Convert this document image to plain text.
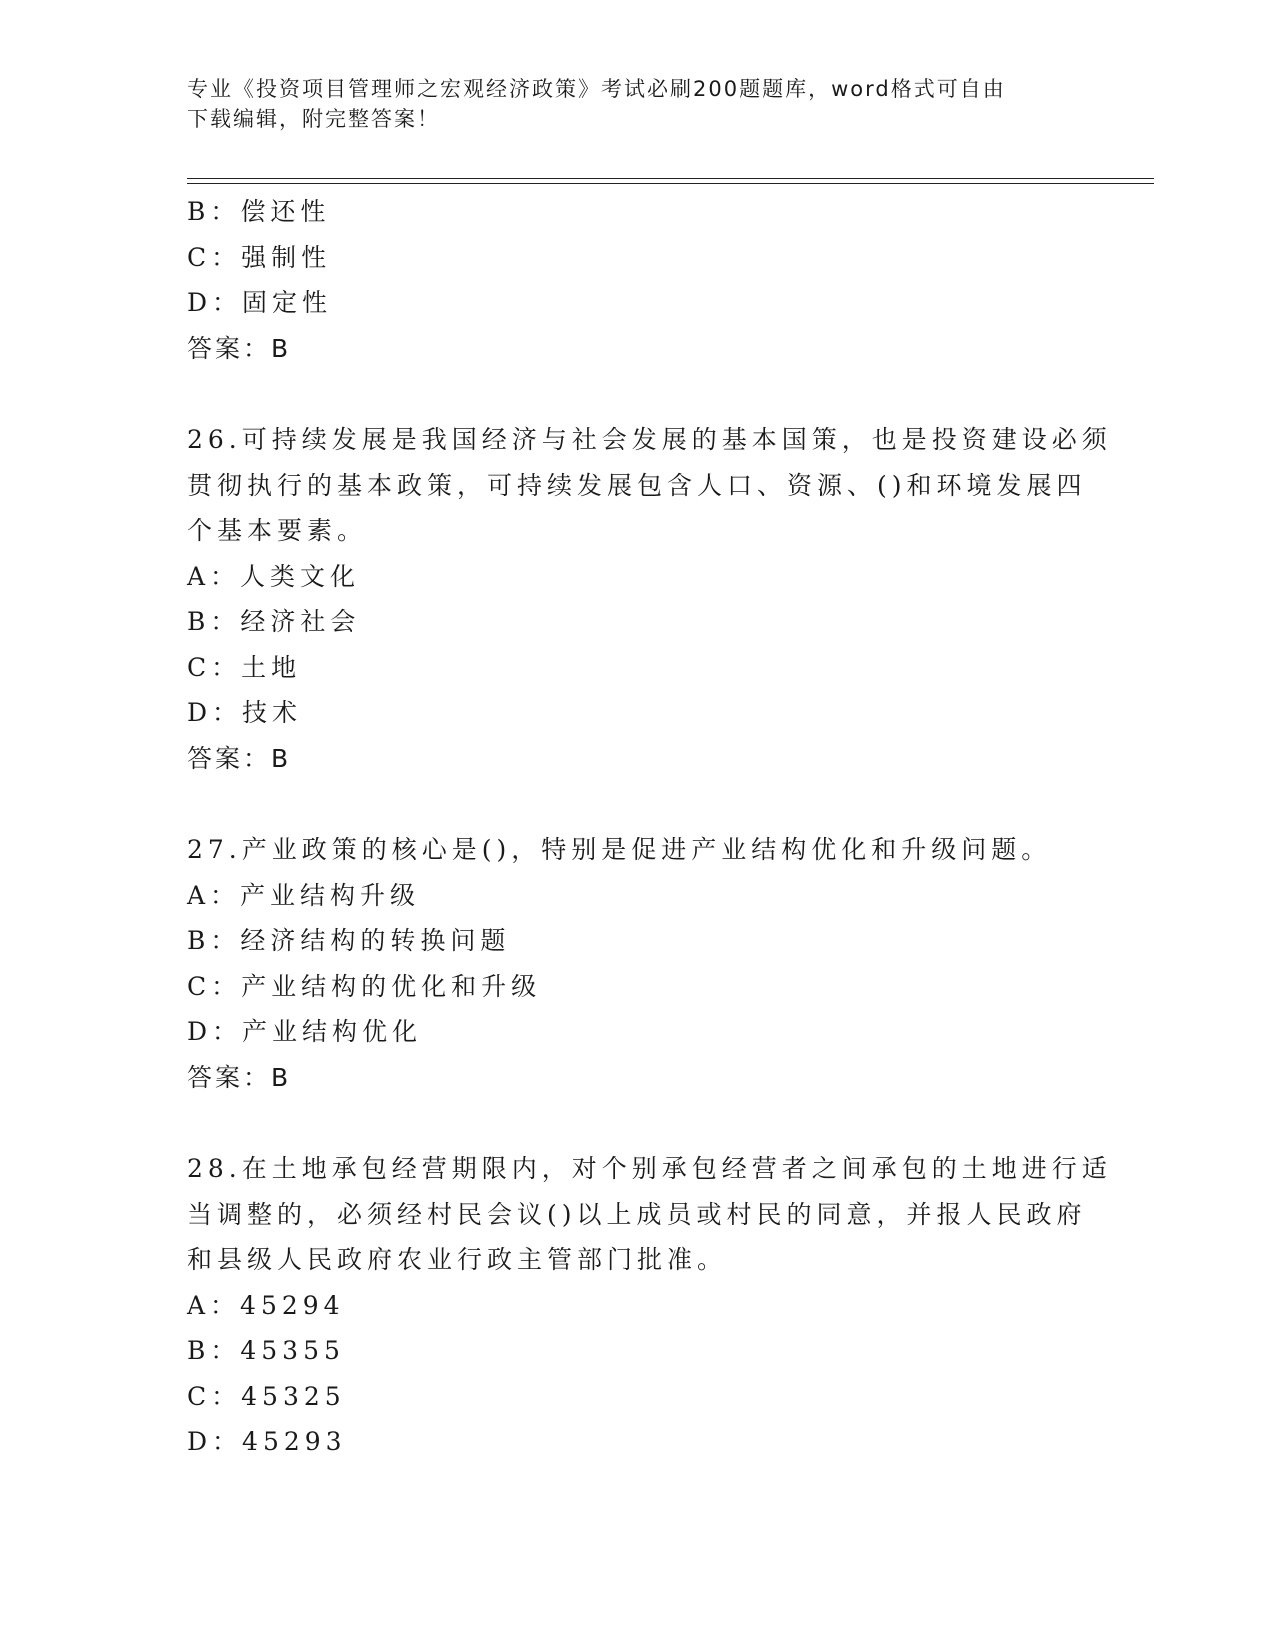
专业《投资项目管理师之宏观经济政策》考试必刷200题题库，word格式可自由
下载编辑，附完整答案！
B：偿还性
C：强制性
D：固定性
答案：B
26.可持续发展是我国经济与社会发展的基本国策，也是投资建设必须
贯彻执行的基本政策，可持续发展包含人口、资源、()和环境发展四
个基本要素。
A：人类文化
B：经济社会
C：土地
D：技术
答案：B
27.产业政策的核心是()，特别是促进产业结构优化和升级问题。
A：产业结构升级
B：经济结构的转换问题
C：产业结构的优化和升级
D：产业结构优化
答案：B
28.在土地承包经营期限内，对个别承包经营者之间承包的土地进行适
当调整的，必须经村民会议()以上成员或村民的同意，并报人民政府
和县级人民政府农业行政主管部门批准。
A：45294
B：45355
C：45325
D：45293
